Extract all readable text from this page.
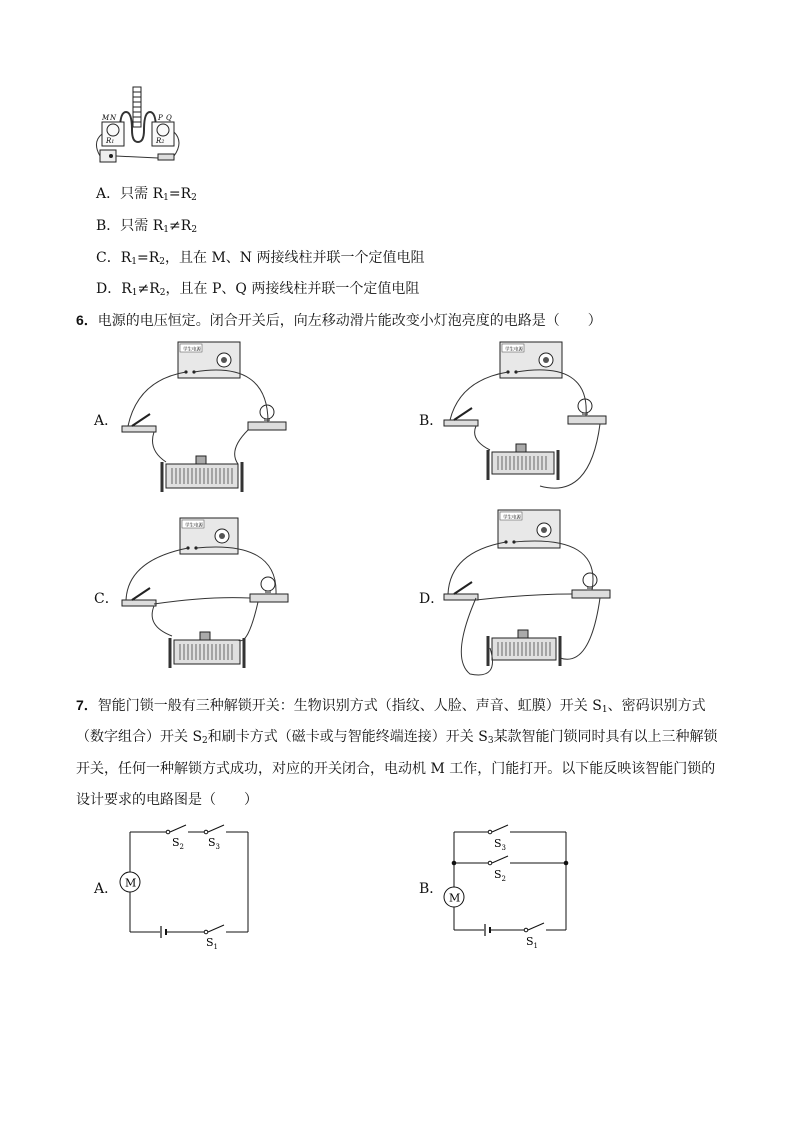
R1	R2
M N	P Q
A．只需 $R_1=R_2$
B．只需 $R_1\ne R_2$
C．$R_1=R_2$，且在 M、N 两接线柱并联一个定值电阻
D．$R_1\ne R_2$，且在 P、Q 两接线柱并联一个定值电阻
6．电源的电压恒定。闭合开关后，向左移动滑片能改变小灯泡亮度的电路是（　　）
A．
学生电源
B．
学生电源
C．
学生电源
D．
学生电源
7．智能门锁一般有三种解锁开关：生物识别方式（指纹、人脸、声音、虹膜）开关 $S_1$、密码识别方式
（数字组合）开关 $S_2$和刷卡方式（磁卡或与智能终端连接）开关 $S_3$某款智能门锁同时具有以上三种解锁
开关，任何一种解锁方式成功，对应的开关闭合，电动机 M 工作，门能打开。以下能反映该智能门锁的
设计要求的电路图是（　　）
A．
$S_2$ $S_3$
M
$S_1$
B．
$S_3$
$S_2$
M
$S_1$
